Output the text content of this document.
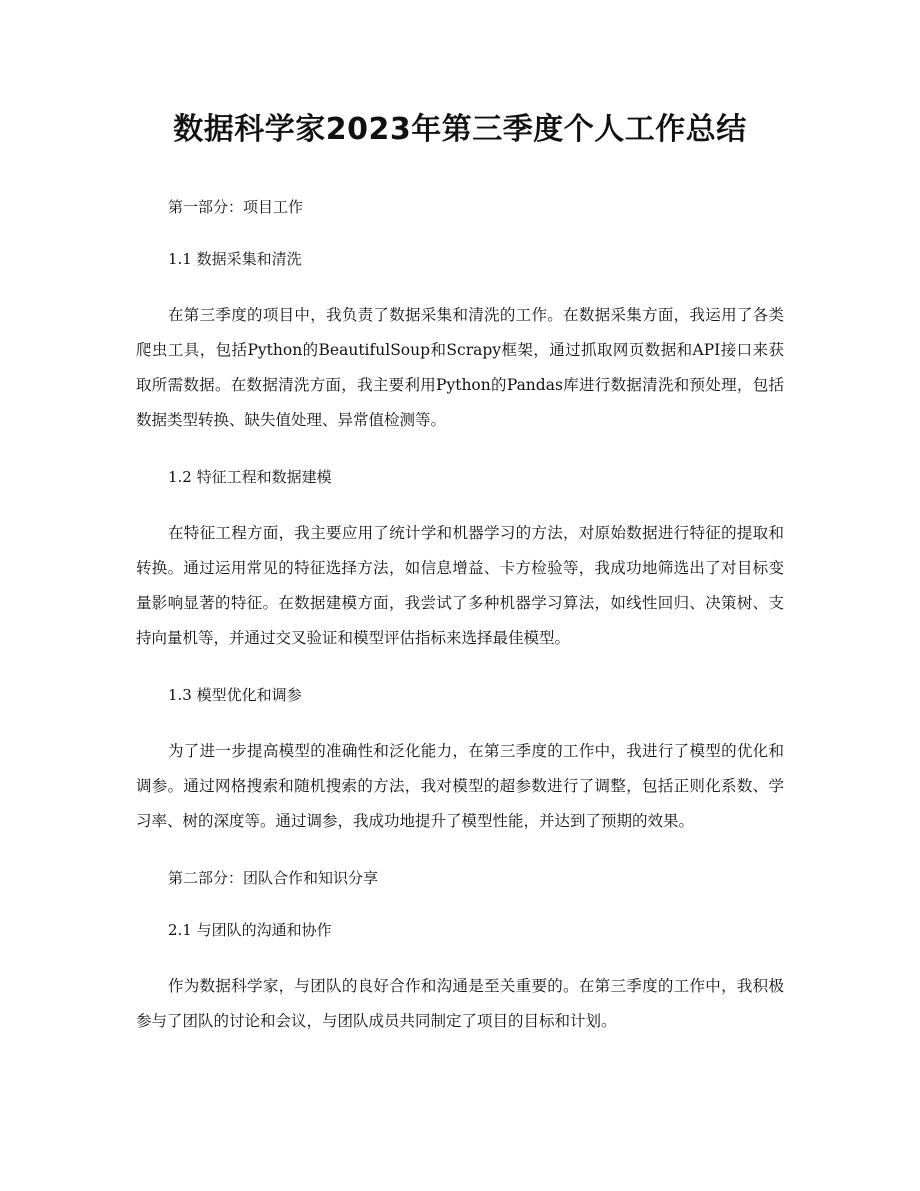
数据科学家2023年第三季度个人工作总结

第一部分：项目工作

1.1 数据采集和清洗

在第三季度的项目中，我负责了数据采集和清洗的工作。在数据采集方面，我运用了各类爬虫工具，包括Python的BeautifulSoup和Scrapy框架，通过抓取网页数据和API接口来获取所需数据。在数据清洗方面，我主要利用Python的Pandas库进行数据清洗和预处理，包括数据类型转换、缺失值处理、异常值检测等。

1.2 特征工程和数据建模

在特征工程方面，我主要应用了统计学和机器学习的方法，对原始数据进行特征的提取和转换。通过运用常见的特征选择方法，如信息增益、卡方检验等，我成功地筛选出了对目标变量影响显著的特征。在数据建模方面，我尝试了多种机器学习算法，如线性回归、决策树、支持向量机等，并通过交叉验证和模型评估指标来选择最佳模型。

1.3 模型优化和调参

为了进一步提高模型的准确性和泛化能力，在第三季度的工作中，我进行了模型的优化和调参。通过网格搜索和随机搜索的方法，我对模型的超参数进行了调整，包括正则化系数、学习率、树的深度等。通过调参，我成功地提升了模型性能，并达到了预期的效果。

第二部分：团队合作和知识分享

2.1 与团队的沟通和协作

作为数据科学家，与团队的良好合作和沟通是至关重要的。在第三季度的工作中，我积极参与了团队的讨论和会议，与团队成员共同制定了项目的目标和计划。
